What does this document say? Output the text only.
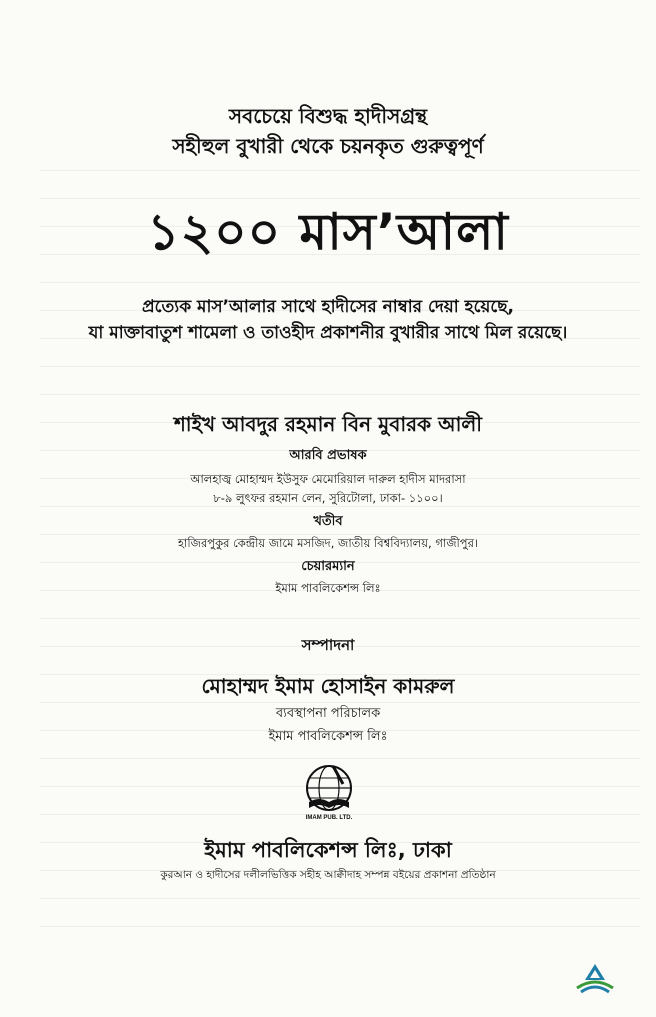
সবচেয়ে বিশুদ্ধ হাদীসগ্রন্থ
সহীহুল বুখারী থেকে চয়নকৃত গুরুত্বপূর্ণ
১২০০ মাস’আলা
প্রত্যেক মাস’আলার সাথে হাদীসের নাম্বার দেয়া হয়েছে,
যা মাক্তাবাতুশ শামেলা ও তাওহীদ প্রকাশনীর বুখারীর সাথে মিল রয়েছে।
শাইখ আবদুর রহমান বিন মুবারক আলী
আরবি প্রভাষক
আলহাজ্ব মোহাম্মদ ইউসুফ মেমোরিয়াল দারুল হাদীস মাদরাসা
৮-৯ লুৎফর রহমান লেন, সুরিটোলা, ঢাকা- ১১০০।
খতীব
হাজিরপুকুর কেন্দ্রীয় জামে মসজিদ, জাতীয় বিশ্ববিদ্যালয়, গাজীপুর।
চেয়ারম্যান
ইমাম পাবলিকেশন্স লিঃ
সম্পাদনা
মোহাম্মদ ইমাম হোসাইন কামরুল
ব্যবস্থাপনা পরিচালক
ইমাম পাবলিকেশন্স লিঃ
IMAM PUB. LTD.
ইমাম পাবলিকেশন্স লিঃ, ঢাকা
কুরআন ও হাদীসের দলীলভিত্তিক সহীহ আক্বীদাহ সম্পন্ন বইয়ের প্রকাশনা প্রতিষ্ঠান
